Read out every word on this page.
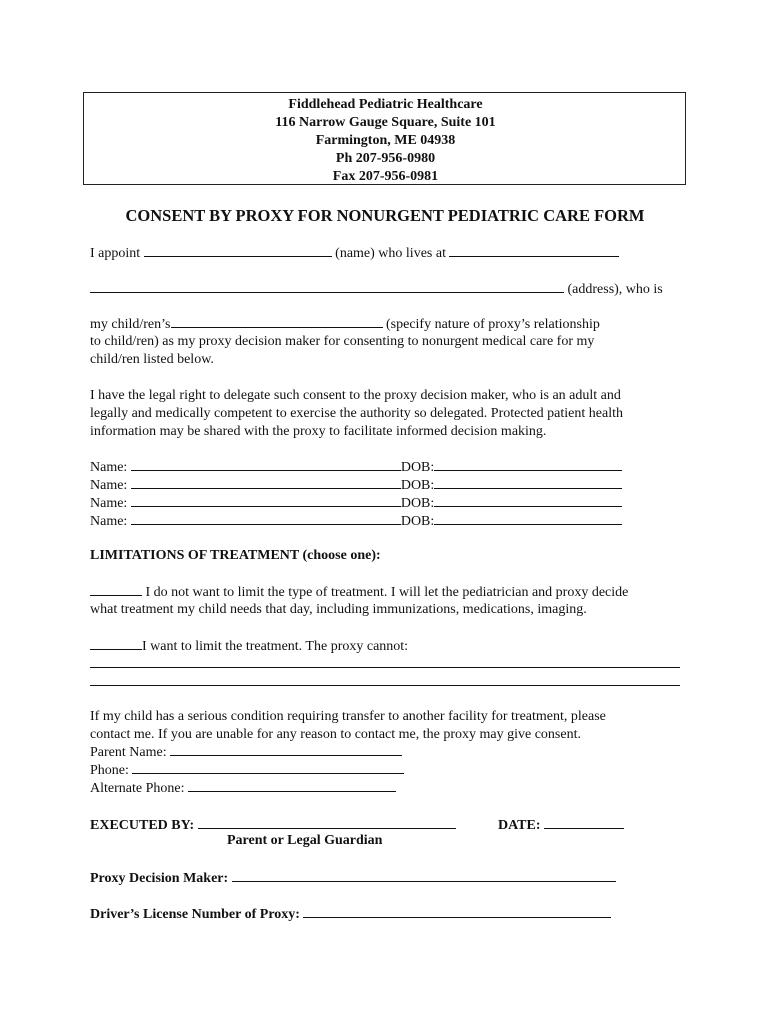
Fiddlehead Pediatric Healthcare
116 Narrow Gauge Square, Suite 101
Farmington, ME 04938
Ph 207-956-0980
Fax 207-956-0981
CONSENT BY PROXY FOR NONURGENT PEDIATRIC CARE FORM
I appoint	(name) who lives at
(address), who is
my child/ren’s	(specify nature of proxy’s relationship
to child/ren) as my proxy decision maker for consenting to nonurgent medical care for my
child/ren listed below.
I have the legal right to delegate such consent to the proxy decision maker, who is an adult and
legally and medically competent to exercise the authority so delegated. Protected patient health
information may be shared with the proxy to facilitate informed decision making.
Name:	DOB:
Name:	DOB:
Name:	DOB:
Name:	DOB:
LIMITATIONS OF TREATMENT (choose one):
I do not want to limit the type of treatment. I will let the pediatrician and proxy decide
what treatment my child needs that day, including immunizations, medications, imaging.
I want to limit the treatment. The proxy cannot:
If my child has a serious condition requiring transfer to another facility for treatment, please
contact me. If you are unable for any reason to contact me, the proxy may give consent.
Parent Name:
Phone:
Alternate Phone:
EXECUTED BY:	DATE:
Parent or Legal Guardian
Proxy Decision Maker:
Driver’s License Number of Proxy:
